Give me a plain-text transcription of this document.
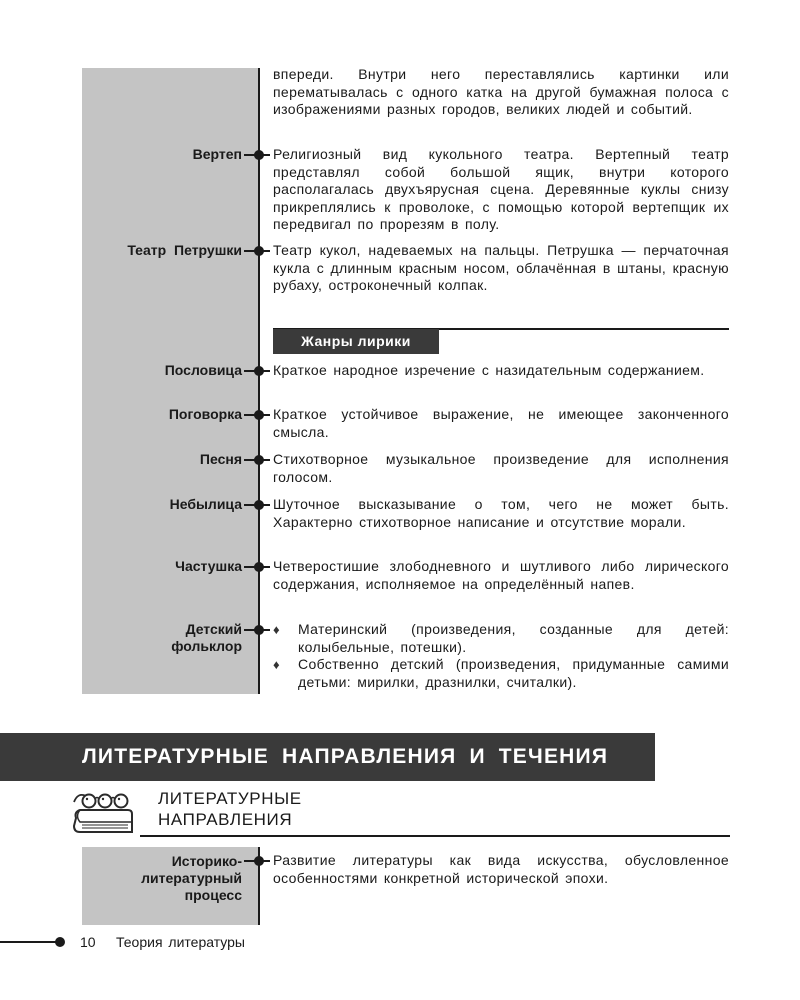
впереди. Внутри него переставлялись картинки или перематывалась с одного катка на другой бумажная полоса с изображениями разных городов, великих людей и событий.
Вертеп Религиозный вид кукольного театра. Вертепный театр представлял собой большой ящик, внутри которого располагалась двухъярусная сцена. Деревянные куклы снизу прикреплялись к проволоке, с помощью которой вертепщик их передвигал по прорезям в полу.
Театр Петрушки Театр кукол, надеваемых на пальцы. Петрушка — перчаточная кукла с длинным красным носом, облачённая в штаны, красную рубаху, остроконечный колпак.
Жанры лирики
Пословица Краткое народное изречение с назидательным содержанием.
Поговорка Краткое устойчивое выражение, не имеющее законченного смысла.
Песня Стихотворное музыкальное произведение для исполнения голосом.
Небылица Шуточное высказывание о том, чего не может быть. Характерно стихотворное написание и отсутствие морали.
Частушка Четверостишие злободневного и шутливого либо лирического содержания, исполняемое на определённый напев.
Детский
фольклор
♦ Материнский (произведения, созданные для детей: колыбельные, потешки).
♦ Собственно детский (произведения, придуманные самими детьми: мирилки, дразнилки, считалки).
ЛИТЕРАТУРНЫЕ НАПРАВЛЕНИЯ И ТЕЧЕНИЯ
ЛИТЕРАТУРНЫЕ
НАПРАВЛЕНИЯ
Историко-
литературный
процесс
Развитие литературы как вида искусства, обусловленное особенностями конкретной исторической эпохи.
10 Теория литературы
